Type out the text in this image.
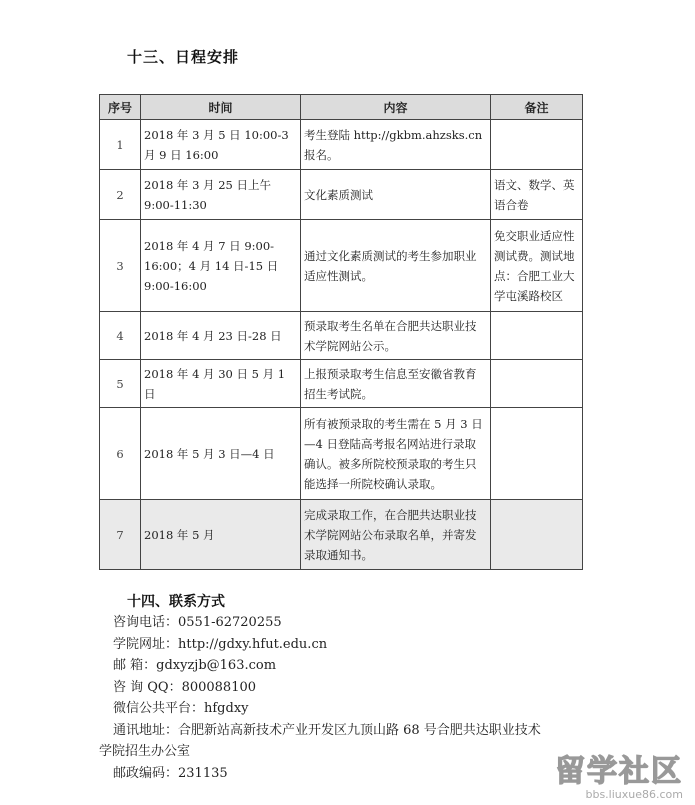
十三、日程安排
序号	时间	内容	备注
1	2018 年 3 月 5 日 10:00-3 月 9 日 16:00	考生登陆 http://gkbm.ahzsks.cn 报名。	
2	2018 年 3 月 25 日上午 9:00-11:30	文化素质测试	语文、数学、英语合卷
3	2018 年 4 月 7 日 9:00-16:00；4 月 14 日-15 日 9:00-16:00	通过文化素质测试的考生参加职业适应性测试。	免交职业适应性测试费。测试地点：合肥工业大学屯溪路校区
4	2018 年 4 月 23 日-28 日	预录取考生名单在合肥共达职业技术学院网站公示。	
5	2018 年 4 月 30 日 5 月 1 日	上报预录取考生信息至安徽省教育招生考试院。	
6	2018 年 5 月 3 日—4 日	所有被预录取的考生需在 5 月 3 日—4 日登陆高考报名网站进行录取确认。被多所院校预录取的考生只能选择一所院校确认录取。	
7	2018 年 5 月	完成录取工作，在合肥共达职业技术学院网站公布录取名单，并寄发录取通知书。	
十四、联系方式
咨询电话：0551-62720255
学院网址：http://gdxy.hfut.edu.cn
邮 箱：gdxyzjb@163.com
咨 询 QQ：800088100
微信公共平台：hfgdxy
通讯地址：合肥新站高新技术产业开发区九顶山路 68 号合肥共达职业技术
学院招生办公室
邮政编码：231135	留学社区
bbs.liuxue86.com
